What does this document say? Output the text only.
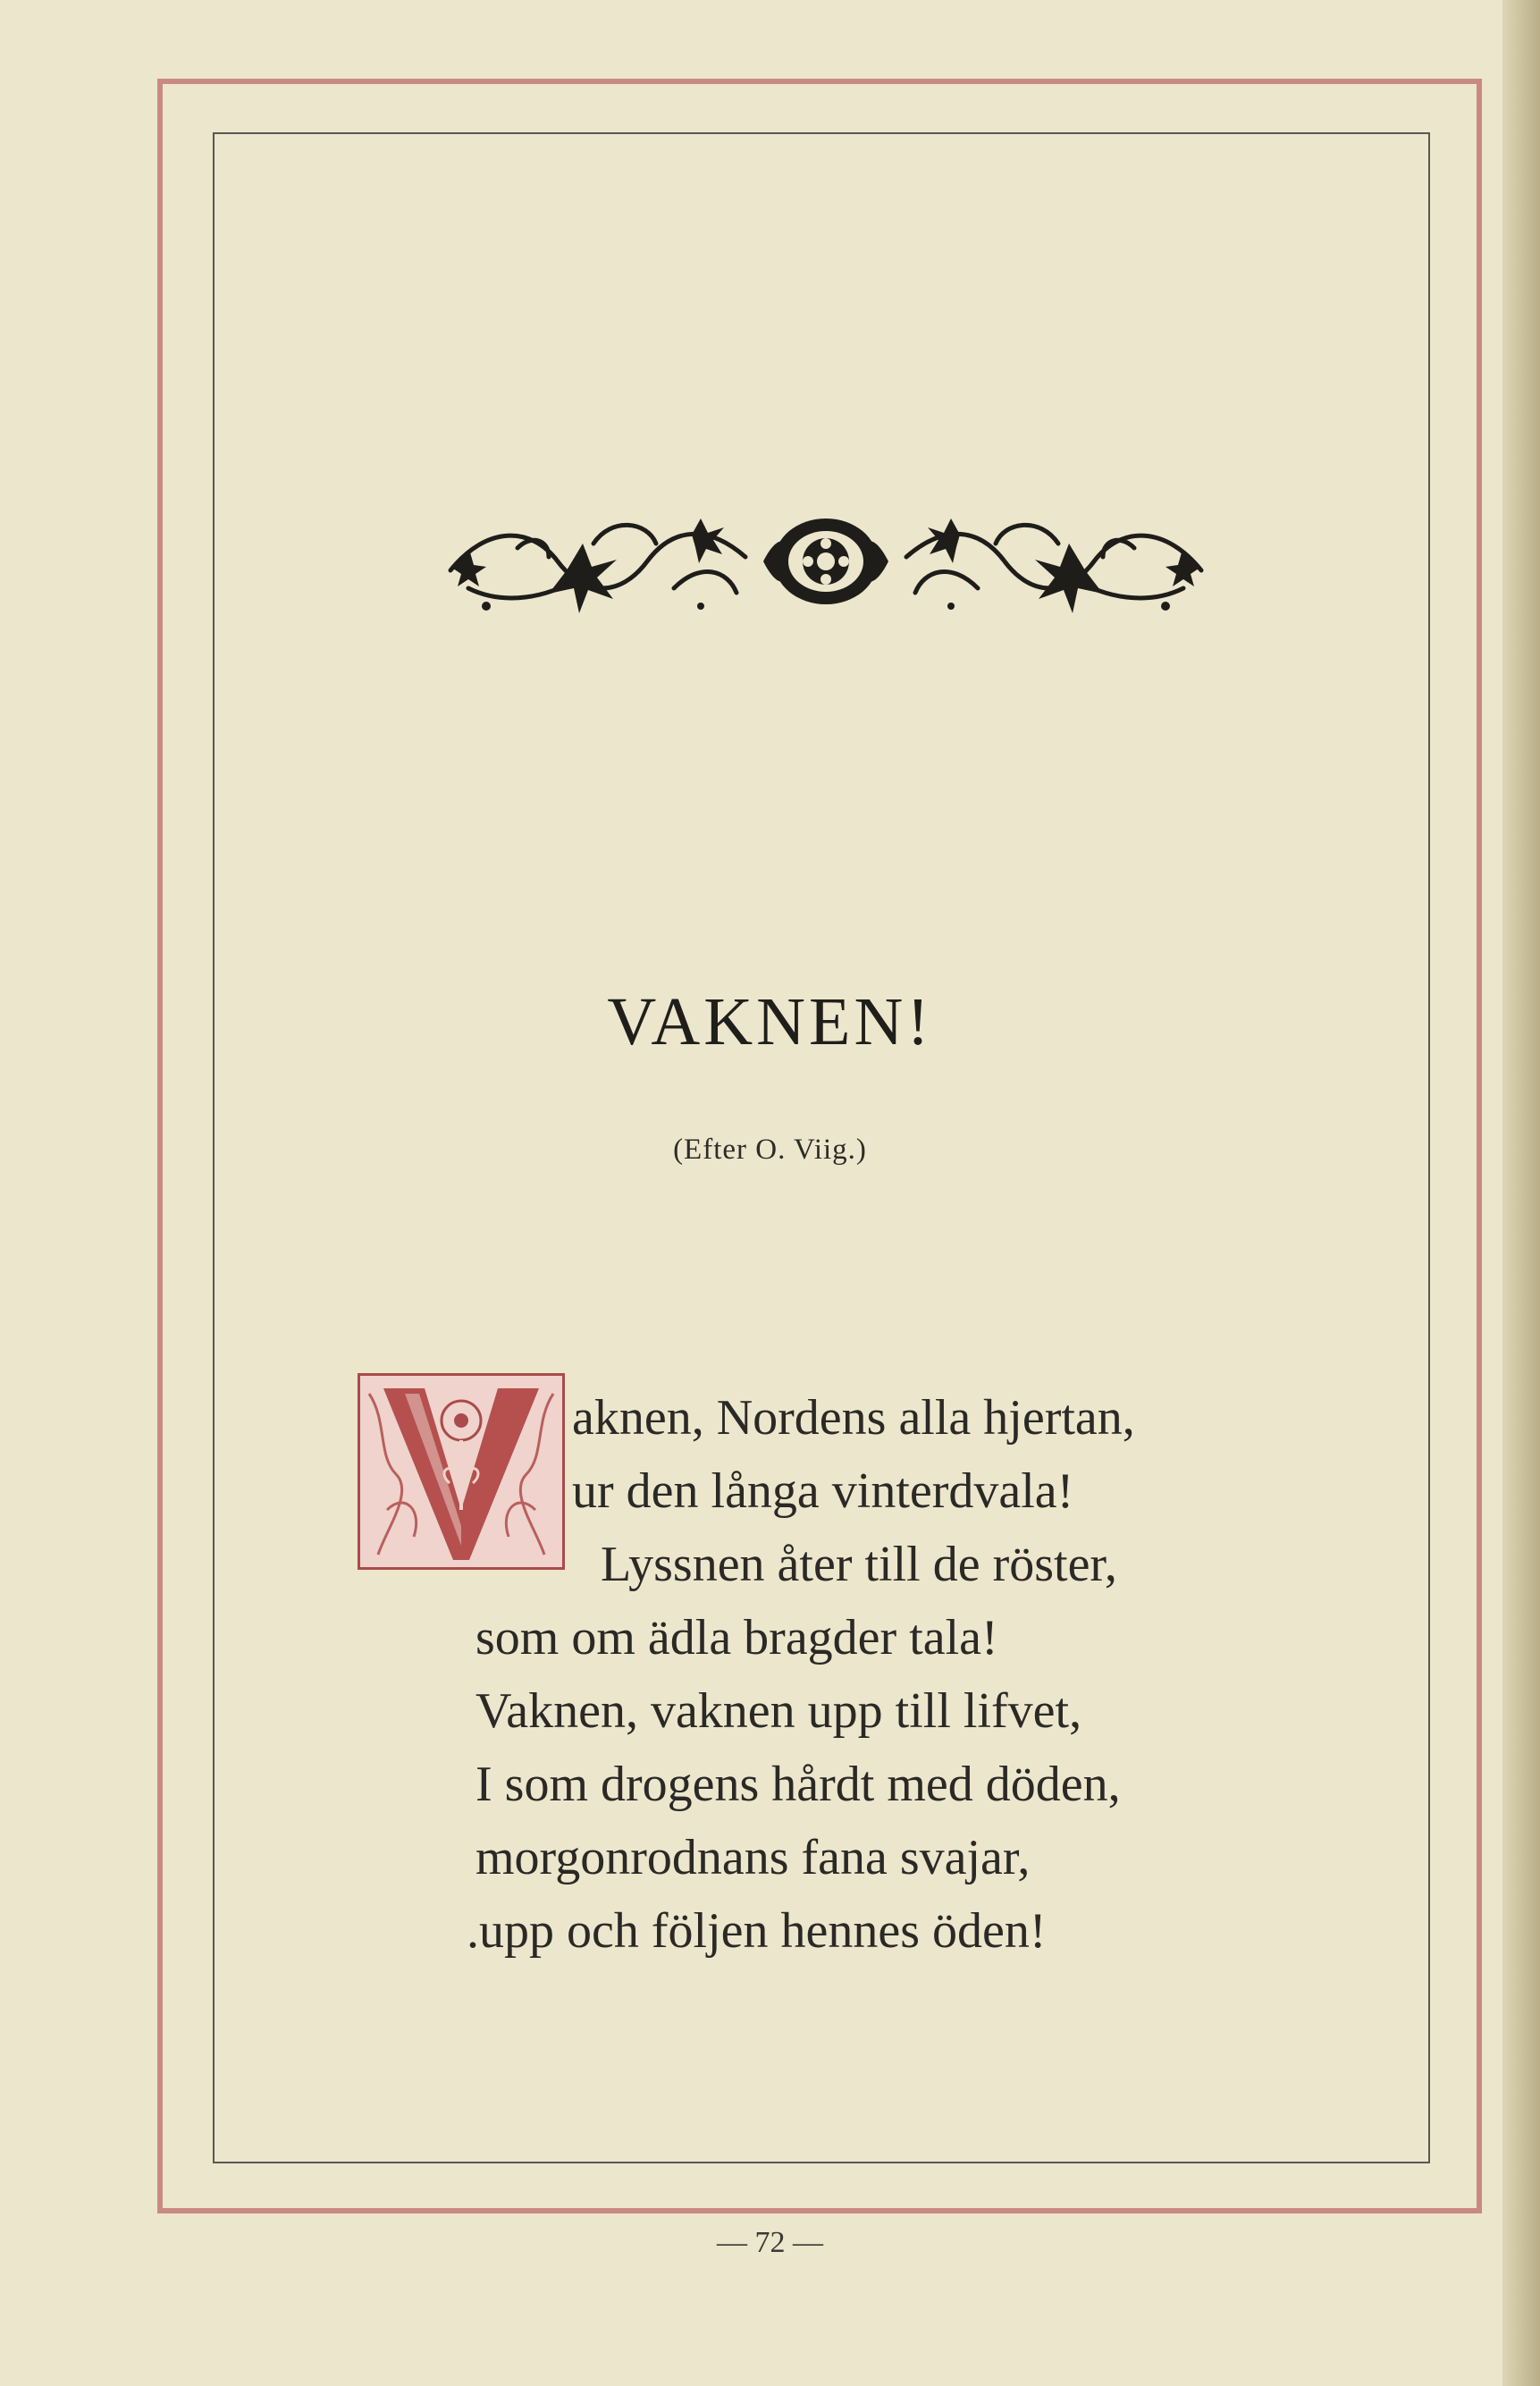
VAKNEN!
(Efter O. Viig.)
aknen, Nordens alla hjertan,
ur den långa vinterdvala!
Lyssnen åter till de röster,
som om ädla bragder tala!
Vaknen, vaknen upp till lifvet,
I som drogens hårdt med döden,
morgonrodnans fana svajar,
.upp och följen hennes öden!
— 72 —
